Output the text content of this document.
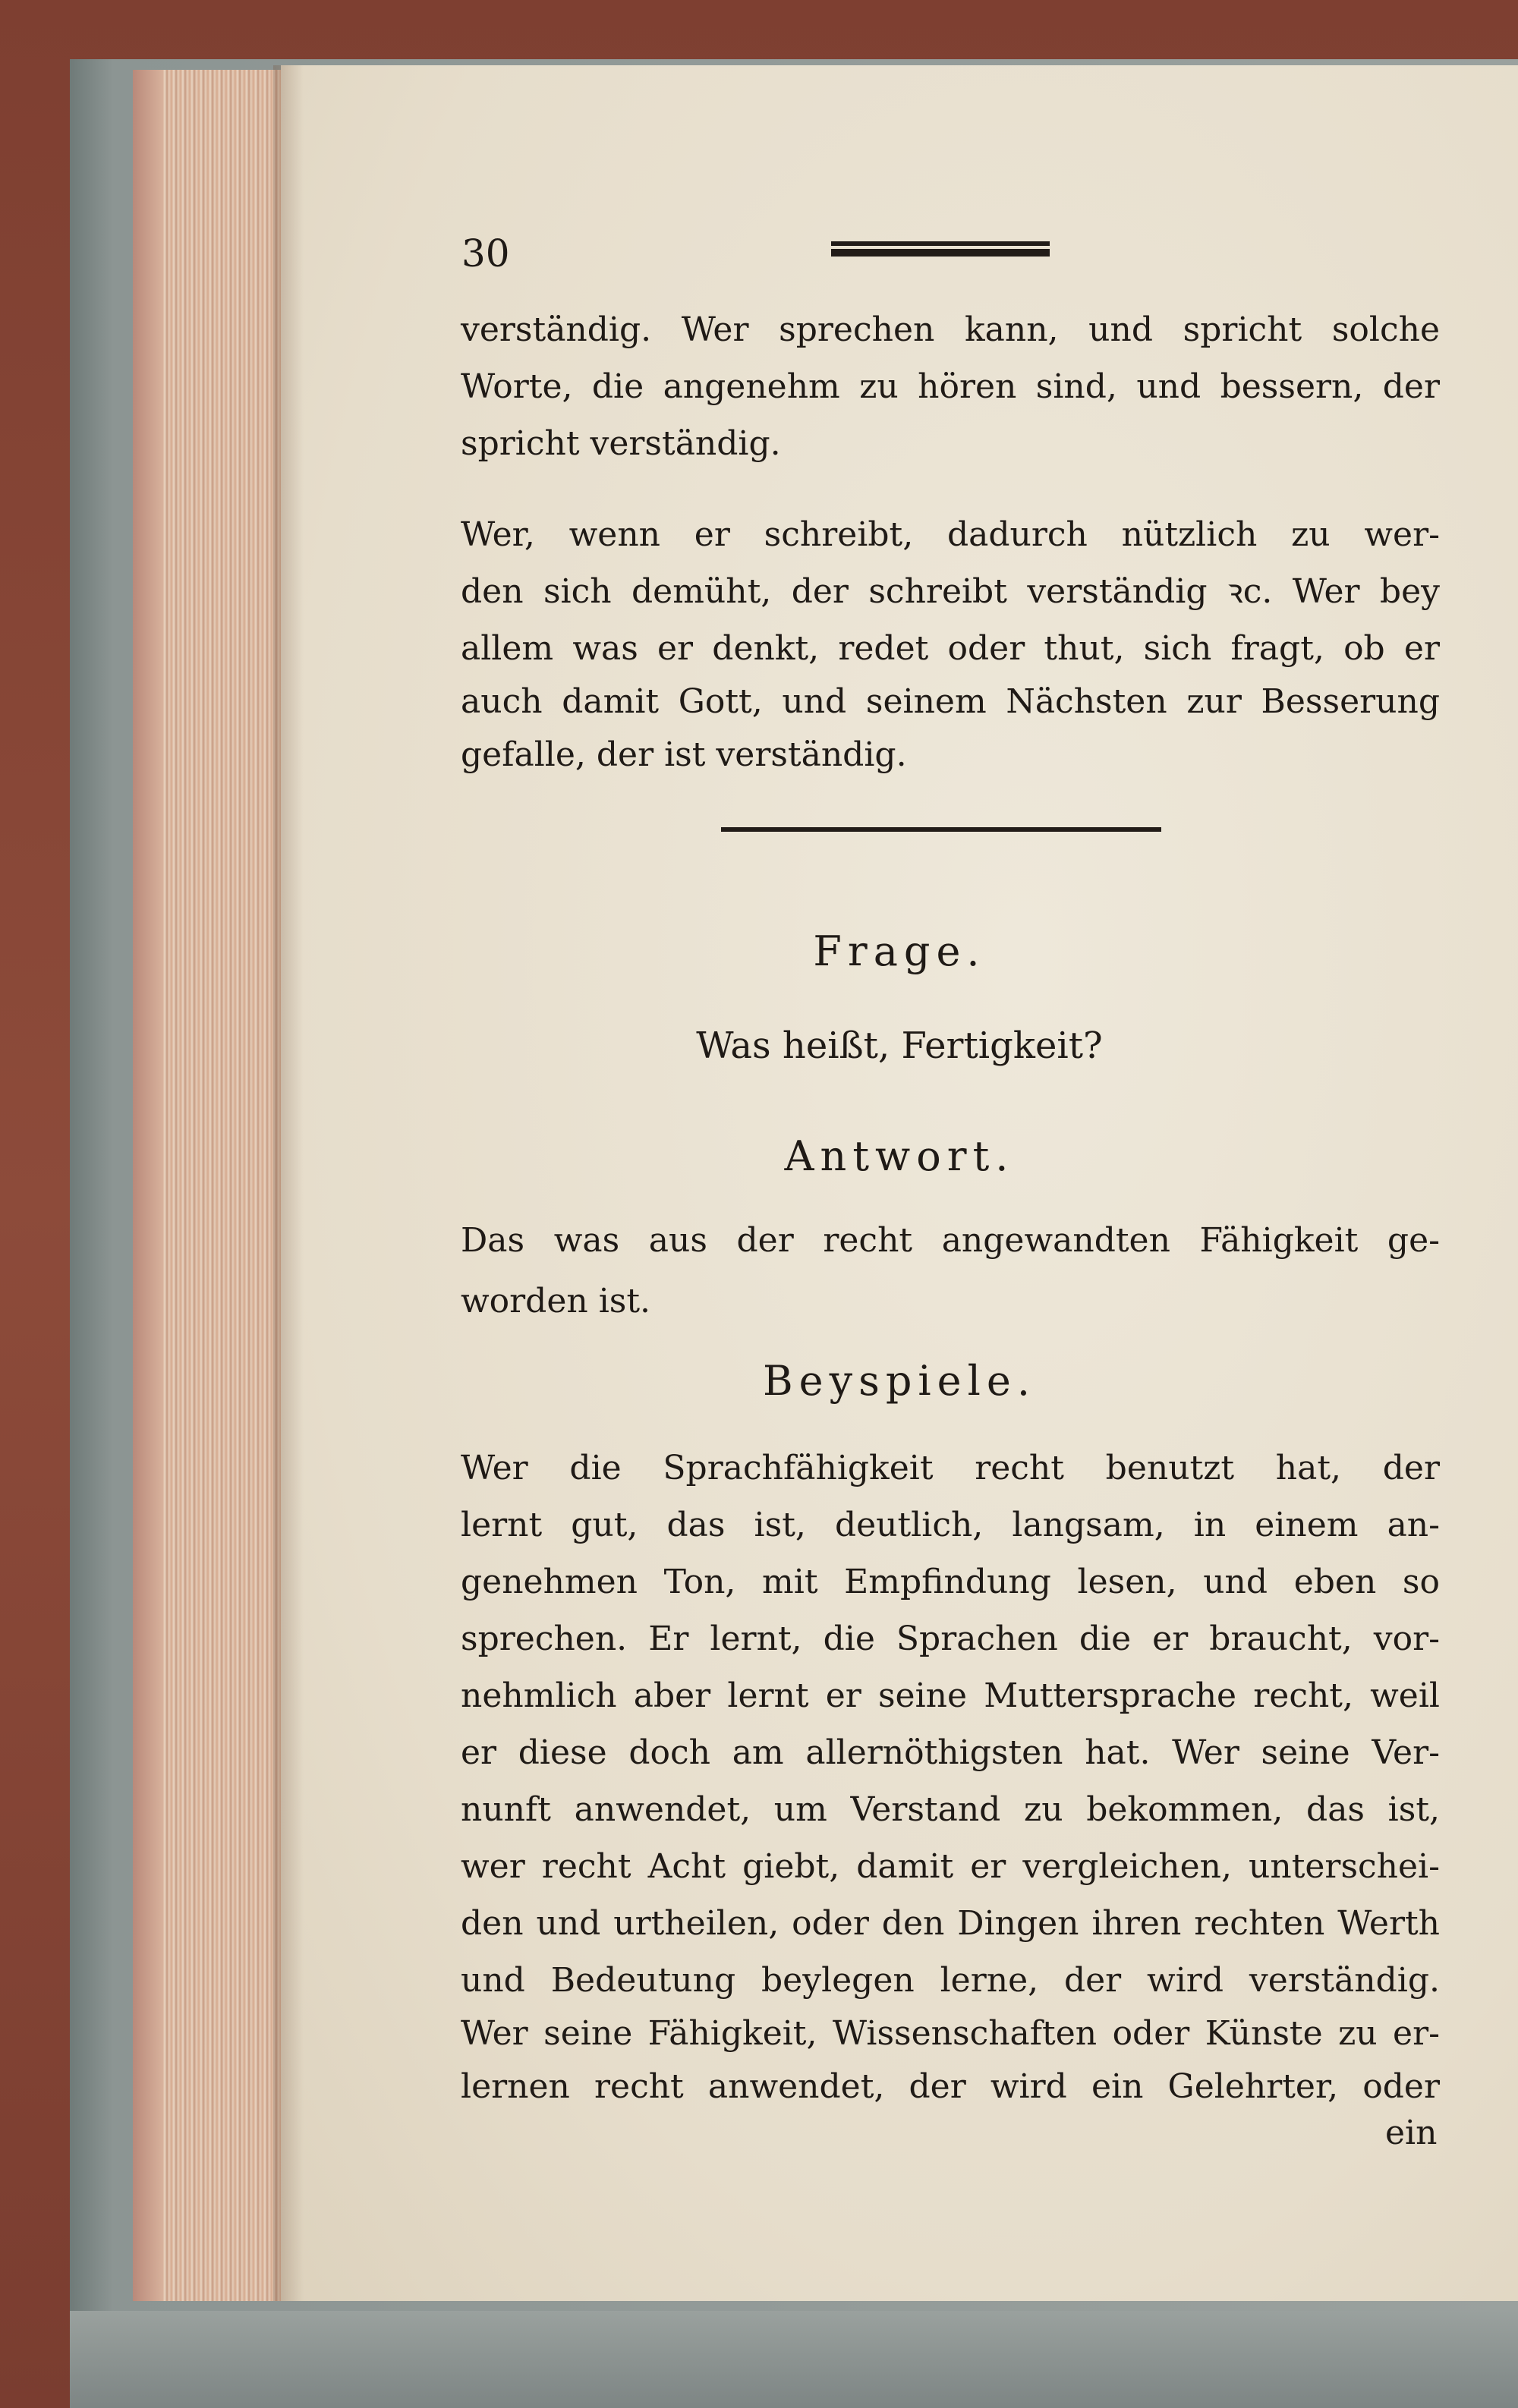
30
verständig. Wer sprechen kann, und spricht solche
Worte, die angenehm zu hören sind, und bessern, der
spricht verständig.
Wer, wenn er schreibt, dadurch nützlich zu wer-
den sich demüht, der schreibt verständig ꝛc. Wer bey
allem was er denkt, redet oder thut, sich fragt, ob er
auch damit Gott, und seinem Nächsten zur Besserung
gefalle, der ist verständig.
Frage.
Was heißt, Fertigkeit?
Antwort.
Das was aus der recht angewandten Fähigkeit ge-
worden ist.
Beyspiele.
Wer die Sprachfähigkeit recht benutzt hat, der
lernt gut, das ist, deutlich, langsam, in einem an-
genehmen Ton, mit Empfindung lesen, und eben so
sprechen. Er lernt, die Sprachen die er braucht, vor-
nehmlich aber lernt er seine Muttersprache recht, weil
er diese doch am allernöthigsten hat. Wer seine Ver-
nunft anwendet, um Verstand zu bekommen, das ist,
wer recht Acht giebt, damit er vergleichen, unterschei-
den und urtheilen, oder den Dingen ihren rechten Werth
und Bedeutung beylegen lerne, der wird verständig.
Wer seine Fähigkeit, Wissenschaften oder Künste zu er-
lernen recht anwendet, der wird ein Gelehrter, oder
ein
